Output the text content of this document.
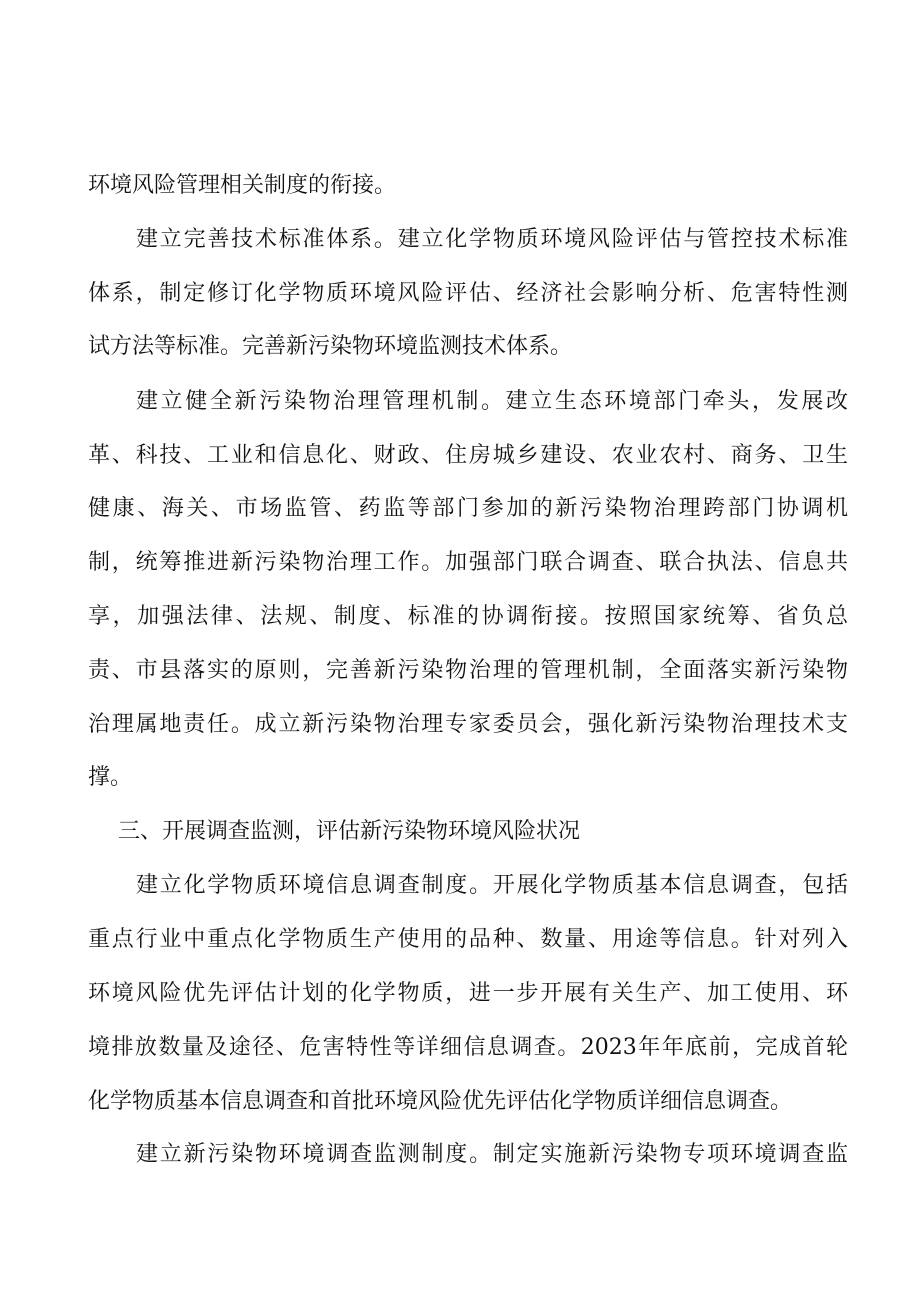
环境风险管理相关制度的衔接。
建立完善技术标准体系。建立化学物质环境风险评估与管控技术标准
体系，制定修订化学物质环境风险评估、经济社会影响分析、危害特性测
试方法等标准。完善新污染物环境监测技术体系。
建立健全新污染物治理管理机制。建立生态环境部门牵头，发展改
革、科技、工业和信息化、财政、住房城乡建设、农业农村、商务、卫生
健康、海关、市场监管、药监等部门参加的新污染物治理跨部门协调机
制，统筹推进新污染物治理工作。加强部门联合调查、联合执法、信息共
享，加强法律、法规、制度、标准的协调衔接。按照国家统筹、省负总
责、市县落实的原则，完善新污染物治理的管理机制，全面落实新污染物
治理属地责任。成立新污染物治理专家委员会，强化新污染物治理技术支
撑。
三、开展调查监测，评估新污染物环境风险状况
建立化学物质环境信息调查制度。开展化学物质基本信息调查，包括
重点行业中重点化学物质生产使用的品种、数量、用途等信息。针对列入
环境风险优先评估计划的化学物质，进一步开展有关生产、加工使用、环
境排放数量及途径、危害特性等详细信息调查。2023年年底前，完成首轮
化学物质基本信息调查和首批环境风险优先评估化学物质详细信息调查。
建立新污染物环境调查监测制度。制定实施新污染物专项环境调查监
